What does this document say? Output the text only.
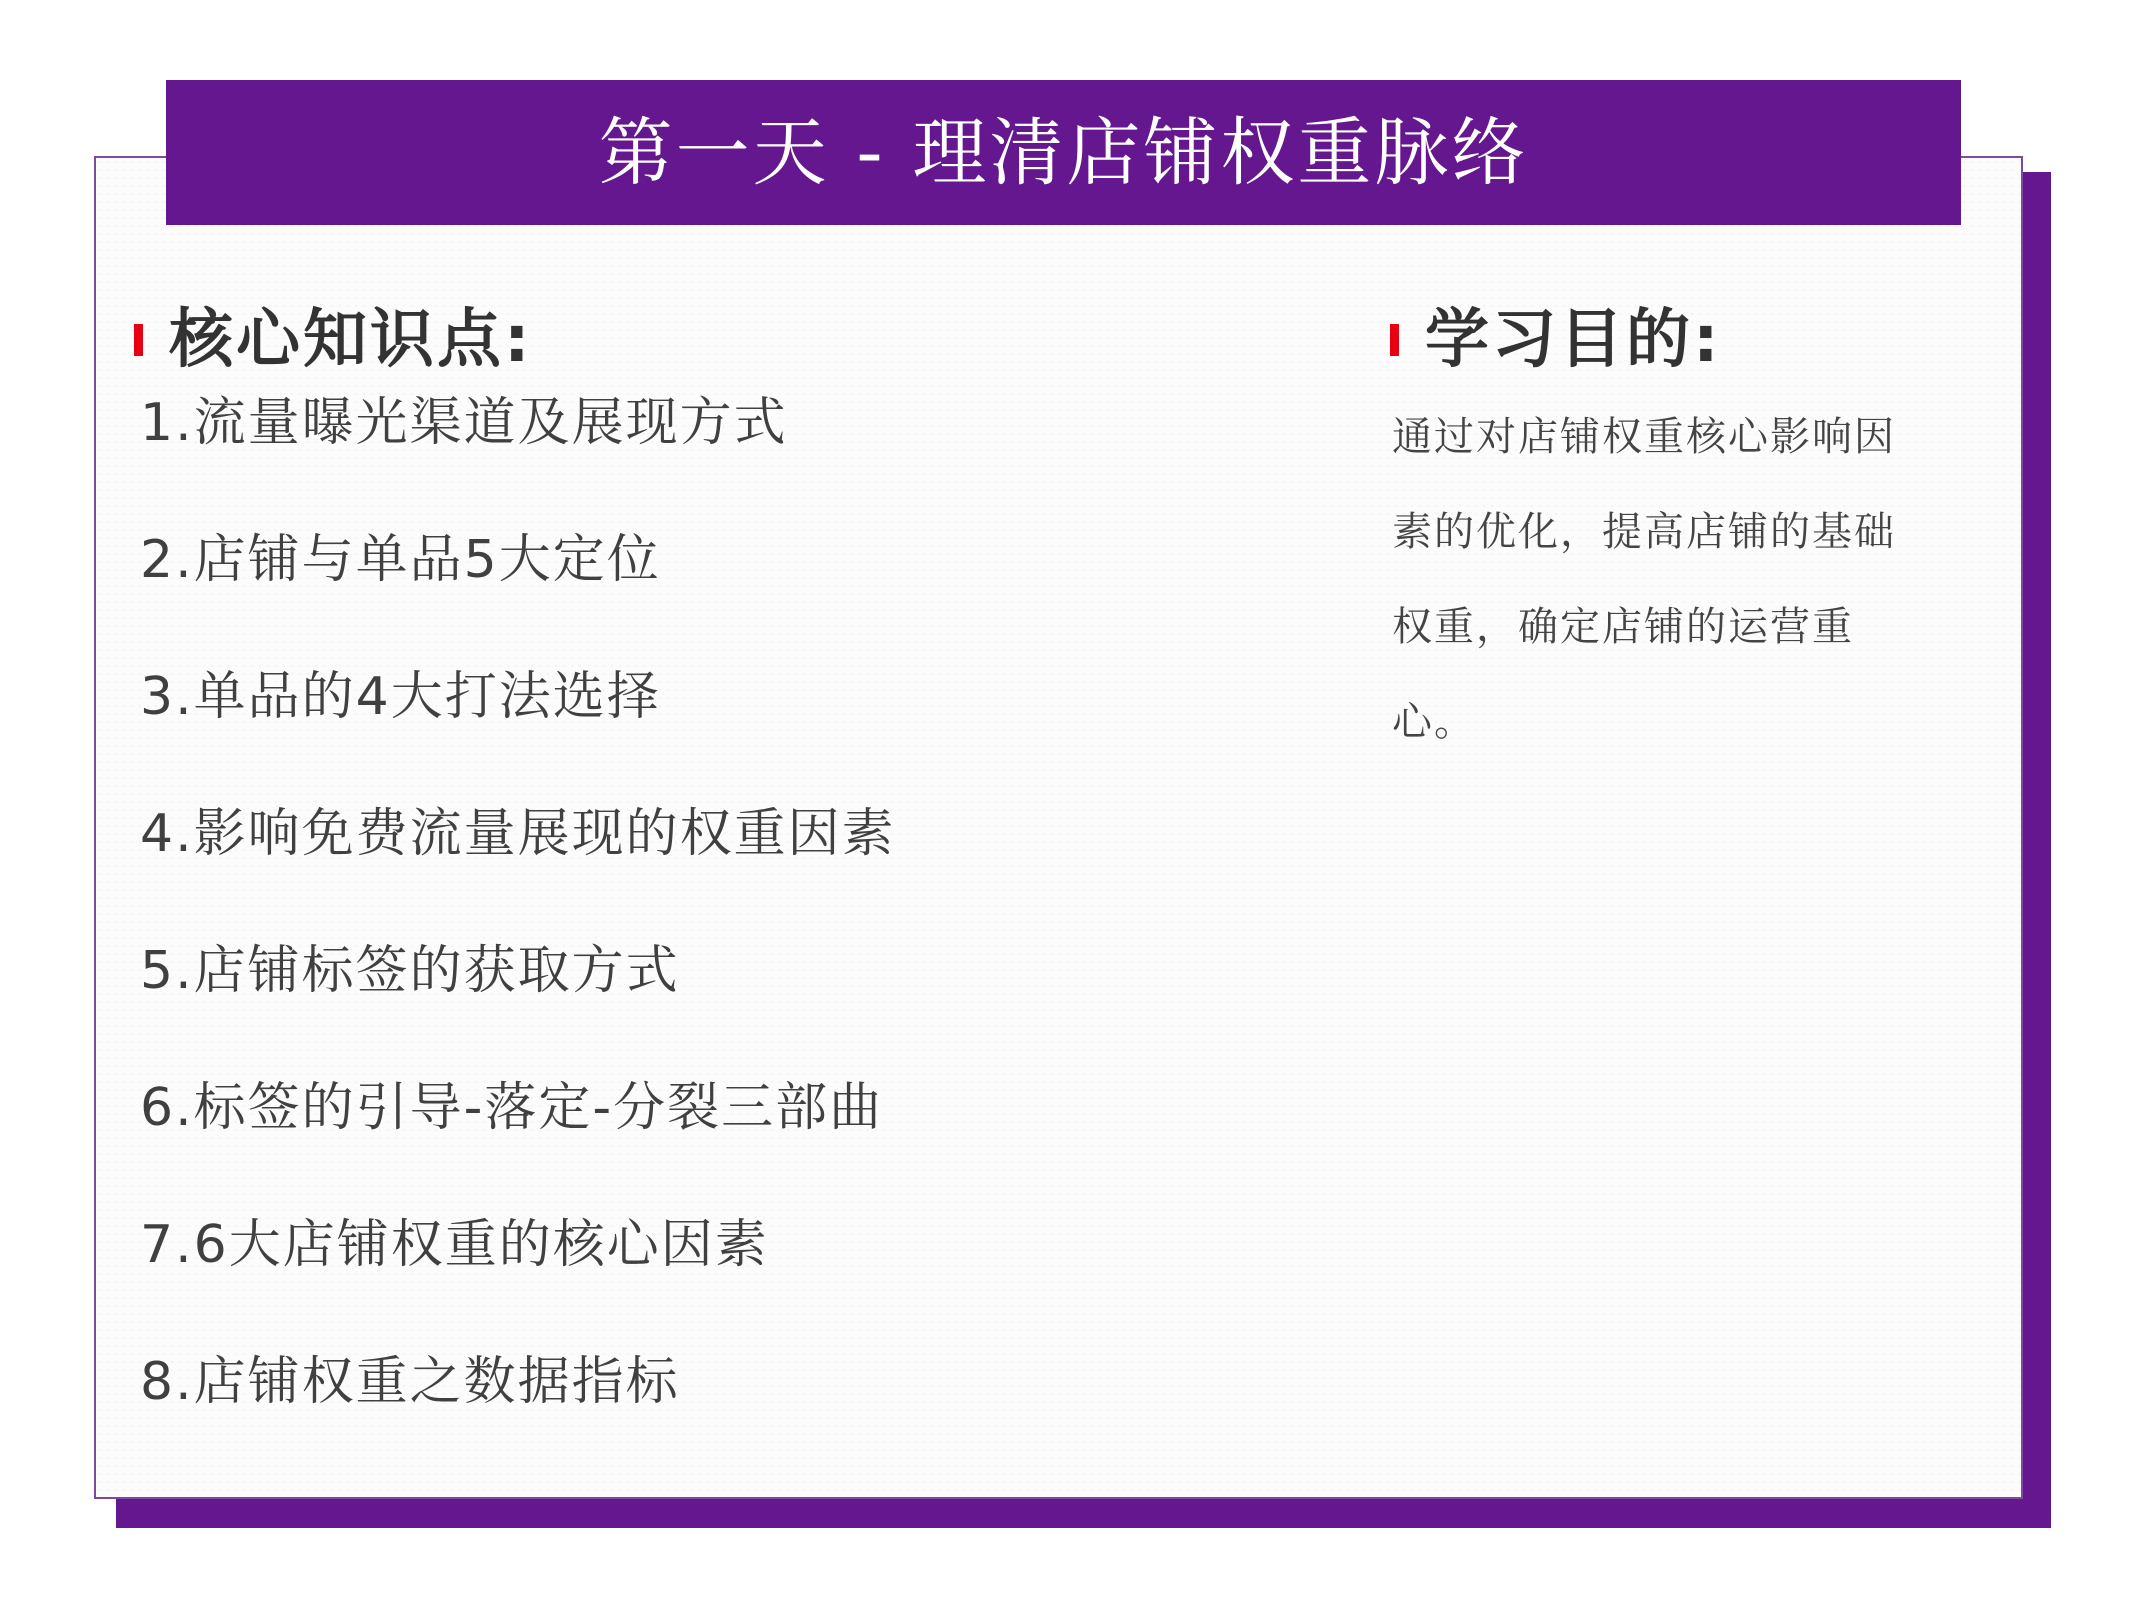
第一天 - 理清店铺权重脉络
核心知识点:
1.流量曝光渠道及展现方式
2.店铺与单品5大定位
3.单品的4大打法选择
4.影响免费流量展现的权重因素
5.店铺标签的获取方式
6.标签的引导-落定-分裂三部曲
7.6大店铺权重的核心因素
8.店铺权重之数据指标
学习目的:

通过对店铺权重核心影响因素的优化，提高店铺的基础权重，确定店铺的运营重心。
